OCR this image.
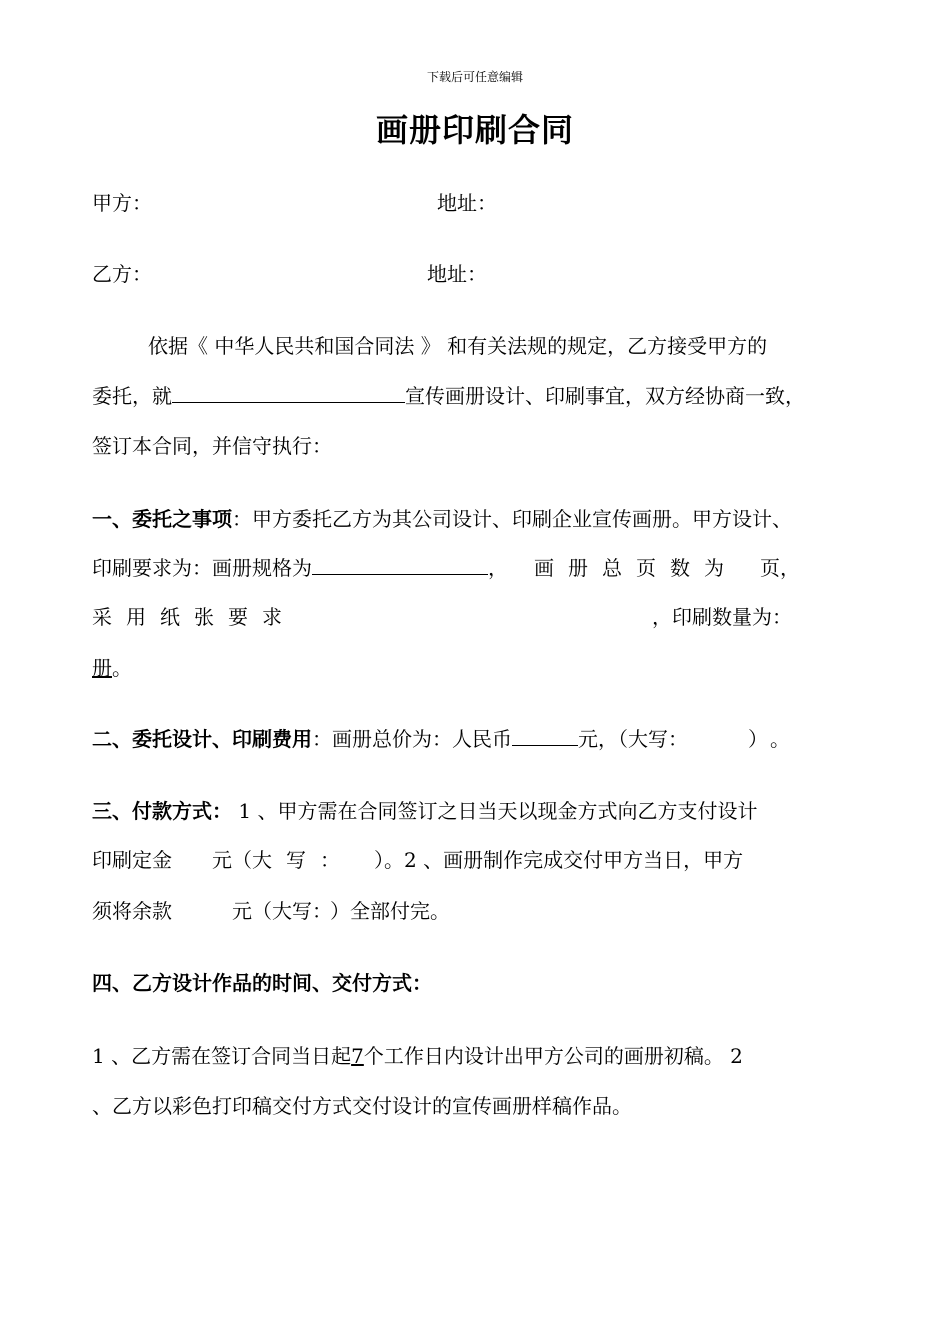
下载后可任意编辑
画册印刷合同
甲方：	地址：
乙方：	地址：
依据《 中华人民共和国合同法 》 和有关法规的规定，乙方接受甲方的
委托，就	宣传画册设计、印刷事宜，双方经协商一致，
签订本合同，并信守执行：
一、委托之事项：甲方委托乙方为其公司设计、印刷企业宣传画册。甲方设计、
印刷要求为：画册规格为	， 画册总页数为 页，
采用纸张要求	，印刷数量为：
册。
二、委托设计、印刷费用：画册总价为：人民币	元，（大写：	） 。
三、付款方式： 1 、甲方需在合同签订之日当天以现金方式向乙方支付设计
印刷定金 元（大写： ）。2 、画册制作完成交付甲方当日，甲方
须将余款	元（大写： ）全部付完。
四、乙方设计作品的时间、交付方式：
1 、乙方需在签订合同当日起7个工作日内设计出甲方公司的画册初稿。 2
、乙方以彩色打印稿交付方式交付设计的宣传画册样稿作品。
